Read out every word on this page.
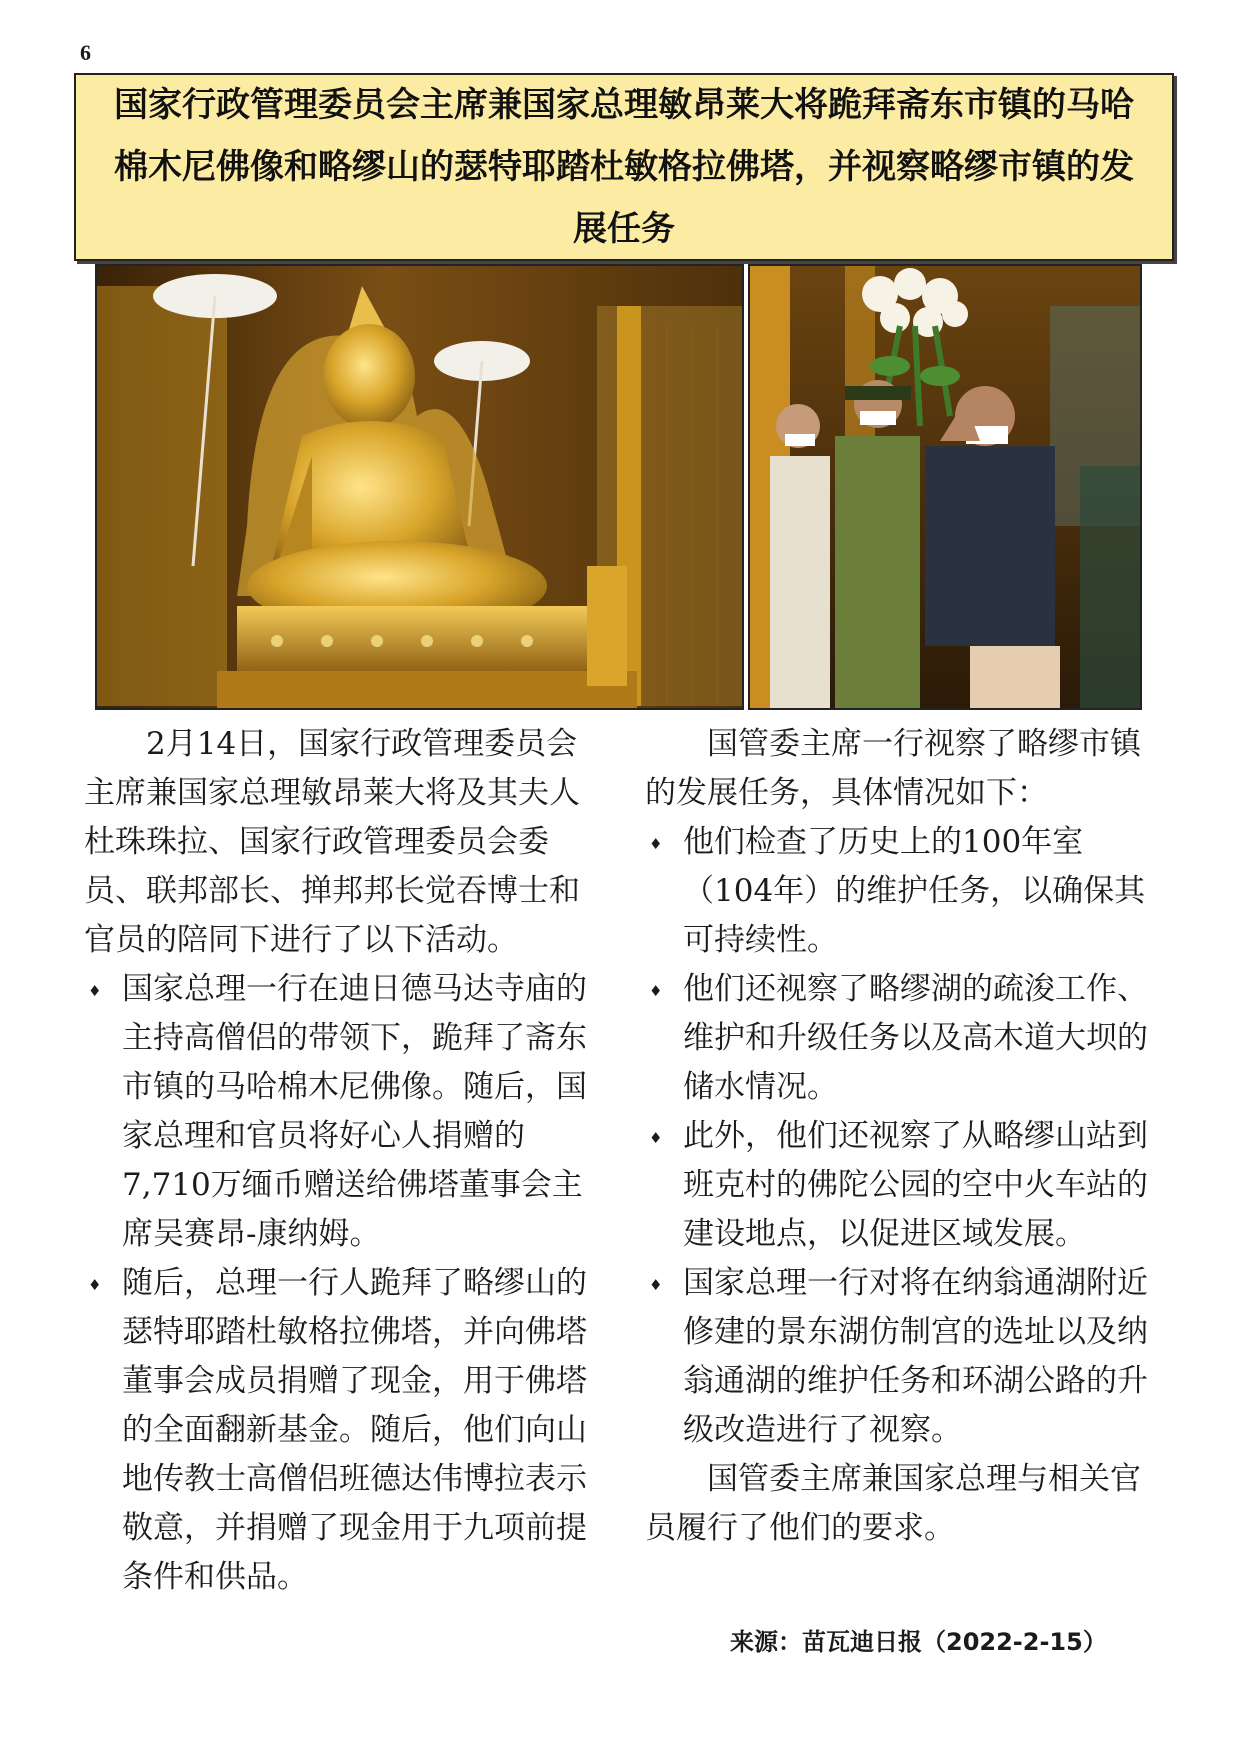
6
国家行政管理委员会主席兼国家总理敏昂莱大将跪拜斋东市镇的马哈棉木尼佛像和略缪山的瑟特耶踏杜敏格拉佛塔，并视察略缪市镇的发展任务

2月14日，国家行政管理委员会主席兼国家总理敏昂莱大将及其夫人杜珠珠拉、国家行政管理委员会委员、联邦部长、掸邦邦长觉吞博士和官员的陪同下进行了以下活动。

♦ 国家总理一行在迪日德马达寺庙的主持高僧侣的带领下，跪拜了斋东市镇的马哈棉木尼佛像。随后，国家总理和官员将好心人捐赠的7,710万缅币赠送给佛塔董事会主席吴赛昂-康纳姆。
♦ 随后，总理一行人跪拜了略缪山的瑟特耶踏杜敏格拉佛塔，并向佛塔董事会成员捐赠了现金，用于佛塔的全面翻新基金。随后，他们向山地传教士高僧侣班德达伟博拉表示敬意，并捐赠了现金用于九项前提条件和供品。

国管委主席一行视察了略缪市镇的发展任务，具体情况如下：

♦ 他们检查了历史上的100年室（104年）的维护任务，以确保其可持续性。
♦ 他们还视察了略缪湖的疏浚工作、维护和升级任务以及高木道大坝的储水情况。
♦ 此外，他们还视察了从略缪山站到班克村的佛陀公园的空中火车站的建设地点，以促进区域发展。
♦ 国家总理一行对将在纳翁通湖附近修建的景东湖仿制宫的选址以及纳翁通湖的维护任务和环湖公路的升级改造进行了视察。

国管委主席兼国家总理与相关官员履行了他们的要求。

来源：苗瓦迪日报（2022-2-15）
